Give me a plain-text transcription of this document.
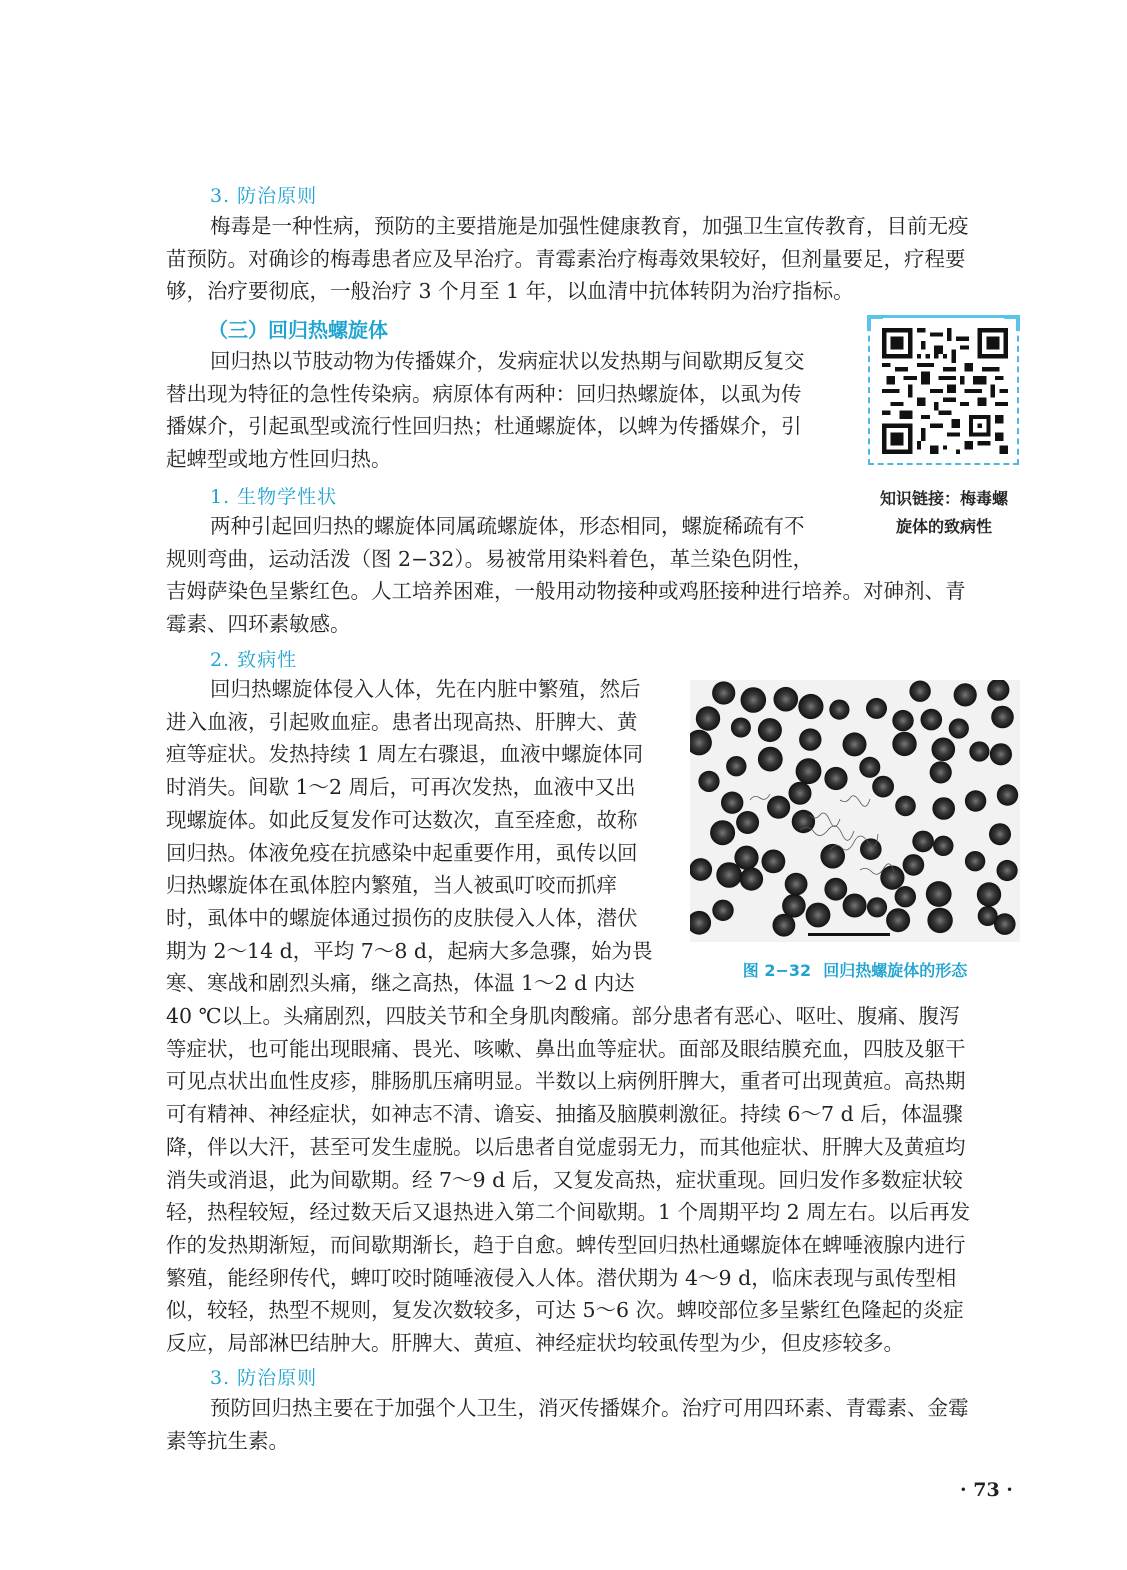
3. 防治原则

梅毒是一种性病，预防的主要措施是加强性健康教育，加强卫生宣传教育，目前无疫
苗预防。对确诊的梅毒患者应及早治疗。青霉素治疗梅毒效果较好，但剂量要足，疗程要
够，治疗要彻底，一般治疗 3 个月至 1 年，以血清中抗体转阴为治疗指标。

（三）回归热螺旋体

回归热以节肢动物为传播媒介，发病症状以发热期与间歇期反复交
替出现为特征的急性传染病。病原体有两种：回归热螺旋体，以虱为传
播媒介，引起虱型或流行性回归热；杜通螺旋体，以蜱为传播媒介，引
起蜱型或地方性回归热。

知识链接：梅毒螺
旋体的致病性

1. 生物学性状

两种引起回归热的螺旋体同属疏螺旋体，形态相同，螺旋稀疏有不
规则弯曲，运动活泼（图 2−32）。易被常用染料着色，革兰染色阴性，
吉姆萨染色呈紫红色。人工培养困难，一般用动物接种或鸡胚接种进行培养。对砷剂、青
霉素、四环素敏感。

2. 致病性

回归热螺旋体侵入人体，先在内脏中繁殖，然后
进入血液，引起败血症。患者出现高热、肝脾大、黄
疸等症状。发热持续 1 周左右骤退，血液中螺旋体同
时消失。间歇 1～2 周后，可再次发热，血液中又出
现螺旋体。如此反复发作可达数次，直至痊愈，故称
回归热。体液免疫在抗感染中起重要作用，虱传以回
归热螺旋体在虱体腔内繁殖，当人被虱叮咬而抓痒
时，虱体中的螺旋体通过损伤的皮肤侵入人体，潜伏
期为 2～14 d，平均 7～8 d，起病大多急骤，始为畏
寒、寒战和剧烈头痛，继之高热，体温 1～2 d 内达

图 2−32 回归热螺旋体的形态

40 ℃以上。头痛剧烈，四肢关节和全身肌肉酸痛。部分患者有恶心、呕吐、腹痛、腹泻
等症状，也可能出现眼痛、畏光、咳嗽、鼻出血等症状。面部及眼结膜充血，四肢及躯干
可见点状出血性皮疹，腓肠肌压痛明显。半数以上病例肝脾大，重者可出现黄疸。高热期
可有精神、神经症状，如神志不清、谵妄、抽搐及脑膜刺激征。持续 6～7 d 后，体温骤
降，伴以大汗，甚至可发生虚脱。以后患者自觉虚弱无力，而其他症状、肝脾大及黄疸均
消失或消退，此为间歇期。经 7～9 d 后，又复发高热，症状重现。回归发作多数症状较
轻，热程较短，经过数天后又退热进入第二个间歇期。1 个周期平均 2 周左右。以后再发
作的发热期渐短，而间歇期渐长，趋于自愈。蜱传型回归热杜通螺旋体在蜱唾液腺内进行
繁殖，能经卵传代，蜱叮咬时随唾液侵入人体。潜伏期为 4～9 d，临床表现与虱传型相
似，较轻，热型不规则，复发次数较多，可达 5～6 次。蜱咬部位多呈紫红色隆起的炎症
反应，局部淋巴结肿大。肝脾大、黄疸、神经症状均较虱传型为少，但皮疹较多。

3. 防治原则

预防回归热主要在于加强个人卫生，消灭传播媒介。治疗可用四环素、青霉素、金霉
素等抗生素。

· 73 ·
